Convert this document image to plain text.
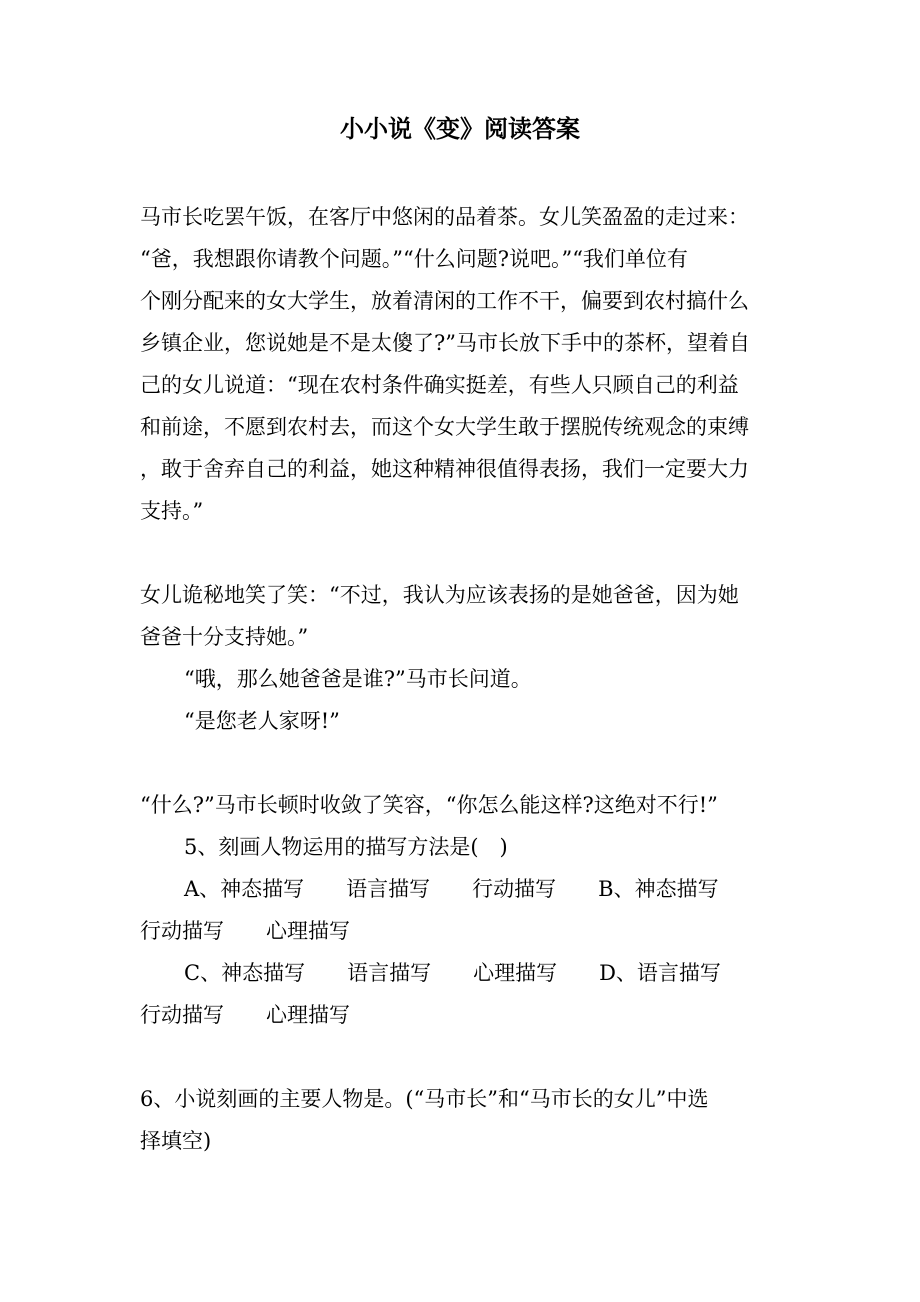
小小说《变》阅读答案
马市长吃罢午饭，在客厅中悠闲的品着茶。女儿笑盈盈的走过来：
“爸，我想跟你请教个问题。”“什么问题?说吧。”“我们单位有
个刚分配来的女大学生，放着清闲的工作不干，偏要到农村搞什么
乡镇企业，您说她是不是太傻了?”马市长放下手中的茶杯，望着自
己的女儿说道：“现在农村条件确实挺差，有些人只顾自己的利益
和前途，不愿到农村去，而这个女大学生敢于摆脱传统观念的束缚
，敢于舍弃自己的利益，她这种精神很值得表扬，我们一定要大力
支持。”
女儿诡秘地笑了笑：“不过，我认为应该表扬的是她爸爸，因为她
爸爸十分支持她。”
“哦，那么她爸爸是谁?”马市长问道。
“是您老人家呀!”
“什么?”马市长顿时收敛了笑容，“你怎么能这样?这绝对不行!”
5、刻画人物运用的描写方法是(　)
A、神态描写　　语言描写　　行动描写　　B、神态描写
行动描写　　心理描写
C、神态描写　　语言描写　　心理描写　　D、语言描写
行动描写　　心理描写
6、小说刻画的主要人物是。(“马市长”和“马市长的女儿”中选
择填空)
